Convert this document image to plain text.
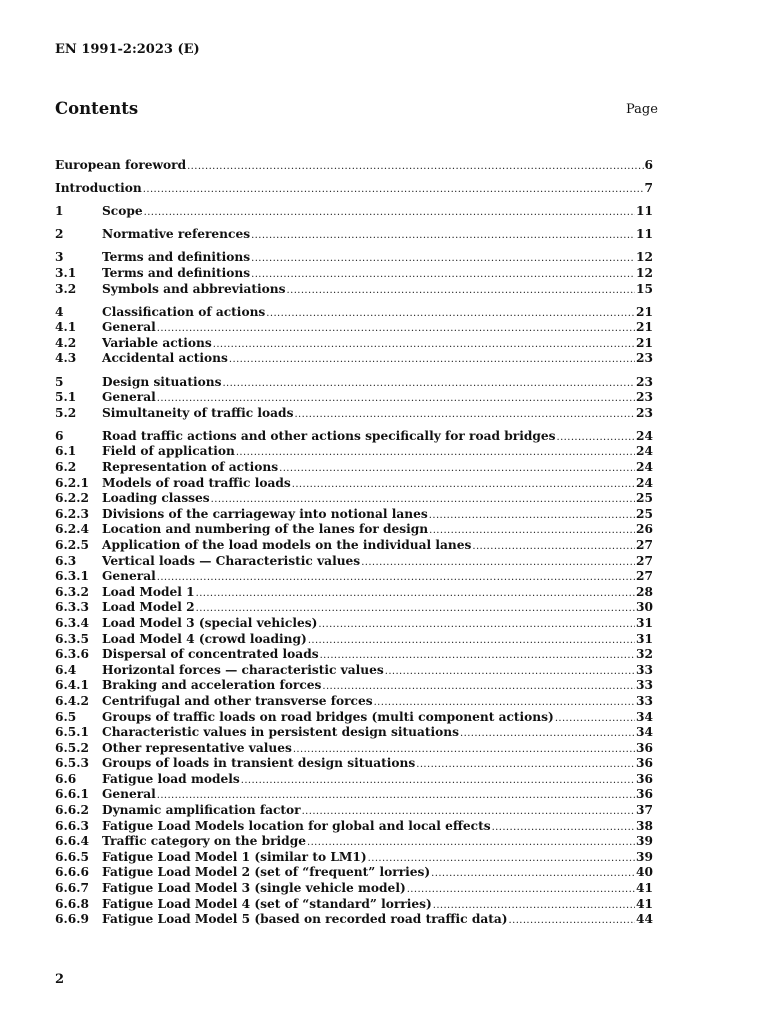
EN 1991-2:2023 (E)
Contents	Page
European foreword .....	6
Introduction .....	7
1	Scope .....	11
2	Normative references .....	11
3	Terms and definitions .....	12
3.1	Terms and definitions .....	12
3.2	Symbols and abbreviations .....	15
4	Classification of actions .....	21
4.1	General .....	21
4.2	Variable actions .....	21
4.3	Accidental actions .....	23
5	Design situations .....	23
5.1	General .....	23
5.2	Simultaneity of traffic loads .....	23
6	Road traffic actions and other actions specifically for road bridges .....	24
6.1	Field of application .....	24
6.2	Representation of actions .....	24
6.2.1	Models of road traffic loads .....	24
6.2.2	Loading classes .....	25
6.2.3	Divisions of the carriageway into notional lanes .....	25
6.2.4	Location and numbering of the lanes for design .....	26
6.2.5	Application of the load models on the individual lanes .....	27
6.3	Vertical loads — Characteristic values .....	27
6.3.1	General .....	27
6.3.2	Load Model 1 .....	28
6.3.3	Load Model 2 .....	30
6.3.4	Load Model 3 (special vehicles) .....	31
6.3.5	Load Model 4 (crowd loading) .....	31
6.3.6	Dispersal of concentrated loads .....	32
6.4	Horizontal forces — characteristic values .....	33
6.4.1	Braking and acceleration forces .....	33
6.4.2	Centrifugal and other transverse forces .....	33
6.5	Groups of traffic loads on road bridges (multi component actions) .....	34
6.5.1	Characteristic values in persistent design situations .....	34
6.5.2	Other representative values .....	36
6.5.3	Groups of loads in transient design situations .....	36
6.6	Fatigue load models .....	36
6.6.1	General .....	36
6.6.2	Dynamic amplification factor .....	37
6.6.3	Fatigue Load Models location for global and local effects .....	38
6.6.4	Traffic category on the bridge .....	39
6.6.5	Fatigue Load Model 1 (similar to LM1) .....	39
6.6.6	Fatigue Load Model 2 (set of “frequent” lorries) .....	40
6.6.7	Fatigue Load Model 3 (single vehicle model) .....	41
6.6.8	Fatigue Load Model 4 (set of “standard” lorries) .....	41
6.6.9	Fatigue Load Model 5 (based on recorded road traffic data) .....	44
2
